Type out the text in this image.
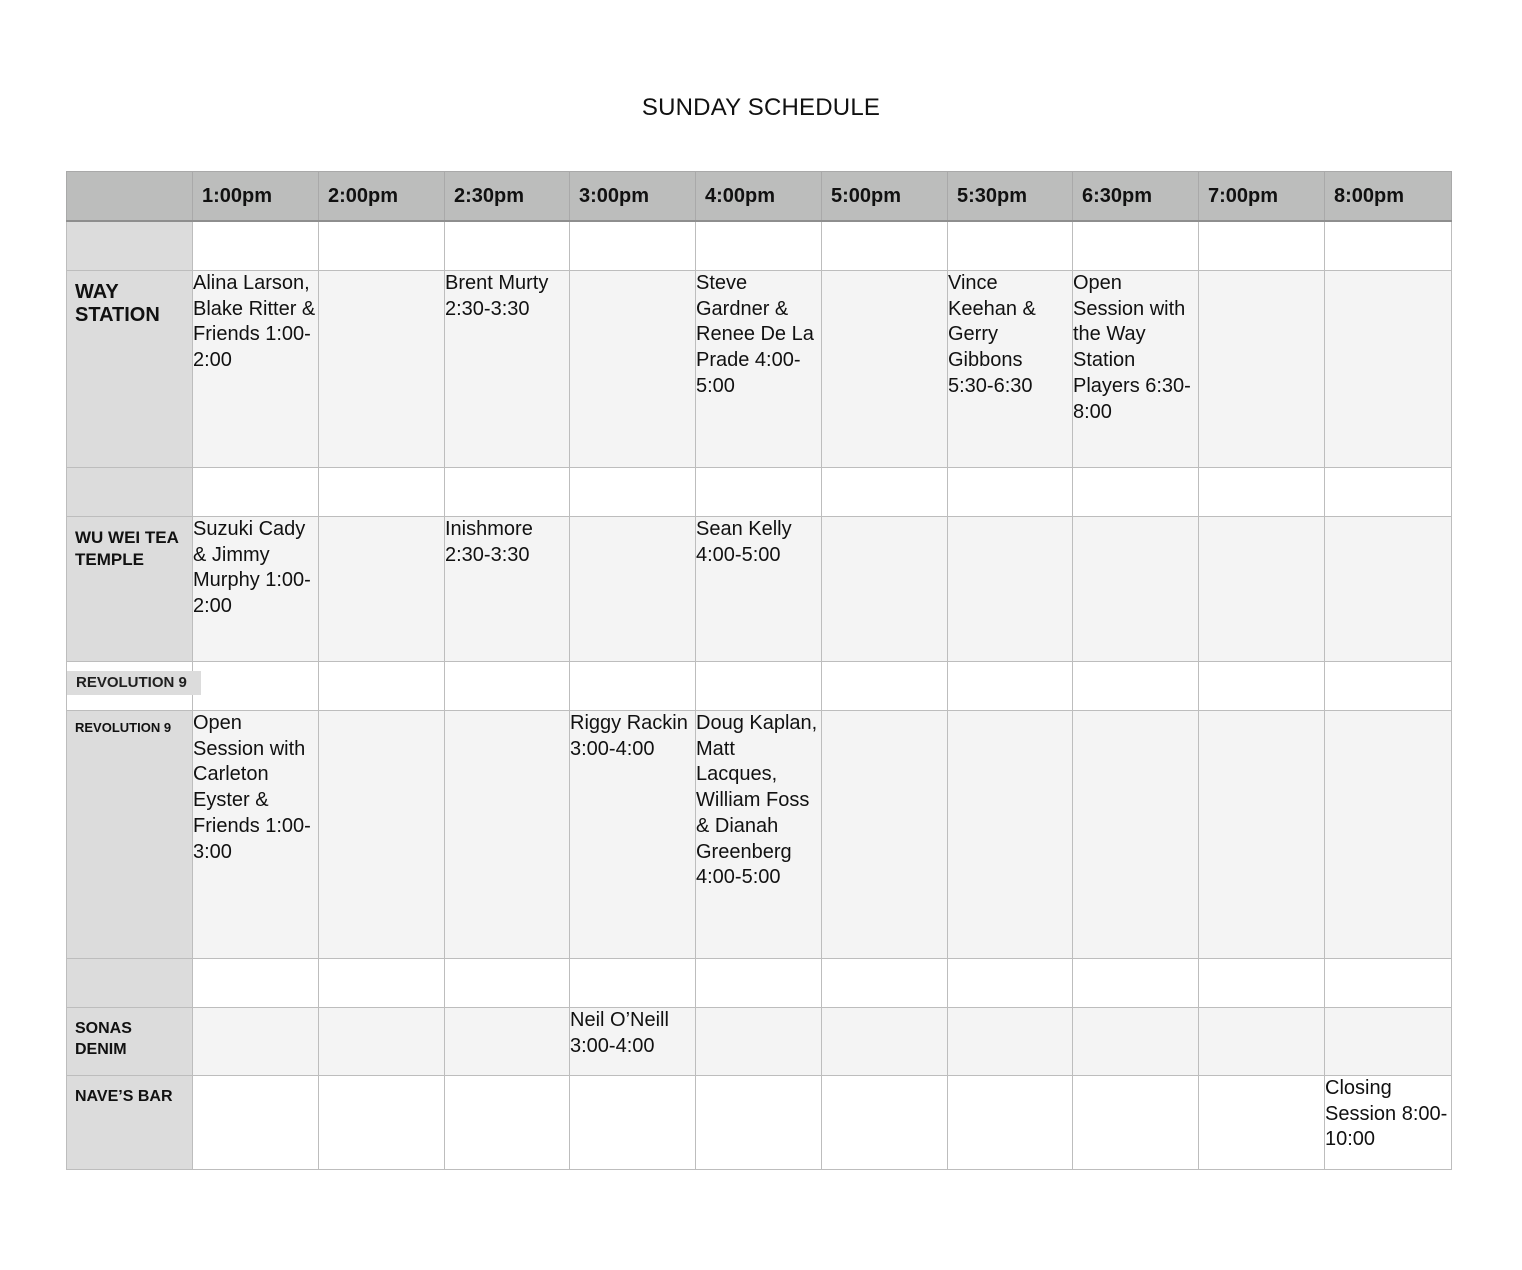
SUNDAY SCHEDULE
	1:00pm	2:00pm	2:30pm	3:00pm	4:00pm	5:00pm	5:30pm	6:30pm	7:00pm	8:00pm

WAY STATION	Alina Larson, Blake Ritter & Friends 1:00-2:00		Brent Murty 2:30-3:30		Steve Gardner & Renee De La Prade 4:00-5:00		Vince Keehan & Gerry Gibbons 5:30-6:30	Open Session with the Way Station Players 6:30-8:00		

WU WEI TEA TEMPLE	Suzuki Cady & Jimmy Murphy 1:00-2:00		Inishmore 2:30-3:30		Sean Kelly 4:00-5:00					

REVOLUTION 9										
REVOLUTION 9	Open Session with Carleton Eyster & Friends 1:00-3:00			Riggy Rackin 3:00-4:00	Doug Kaplan, Matt Lacques, William Foss & Dianah Greenberg 4:00-5:00					

SONAS DENIM				Neil O’Neill 3:00-4:00						

NAVE’S BAR										Closing Session 8:00-10:00
